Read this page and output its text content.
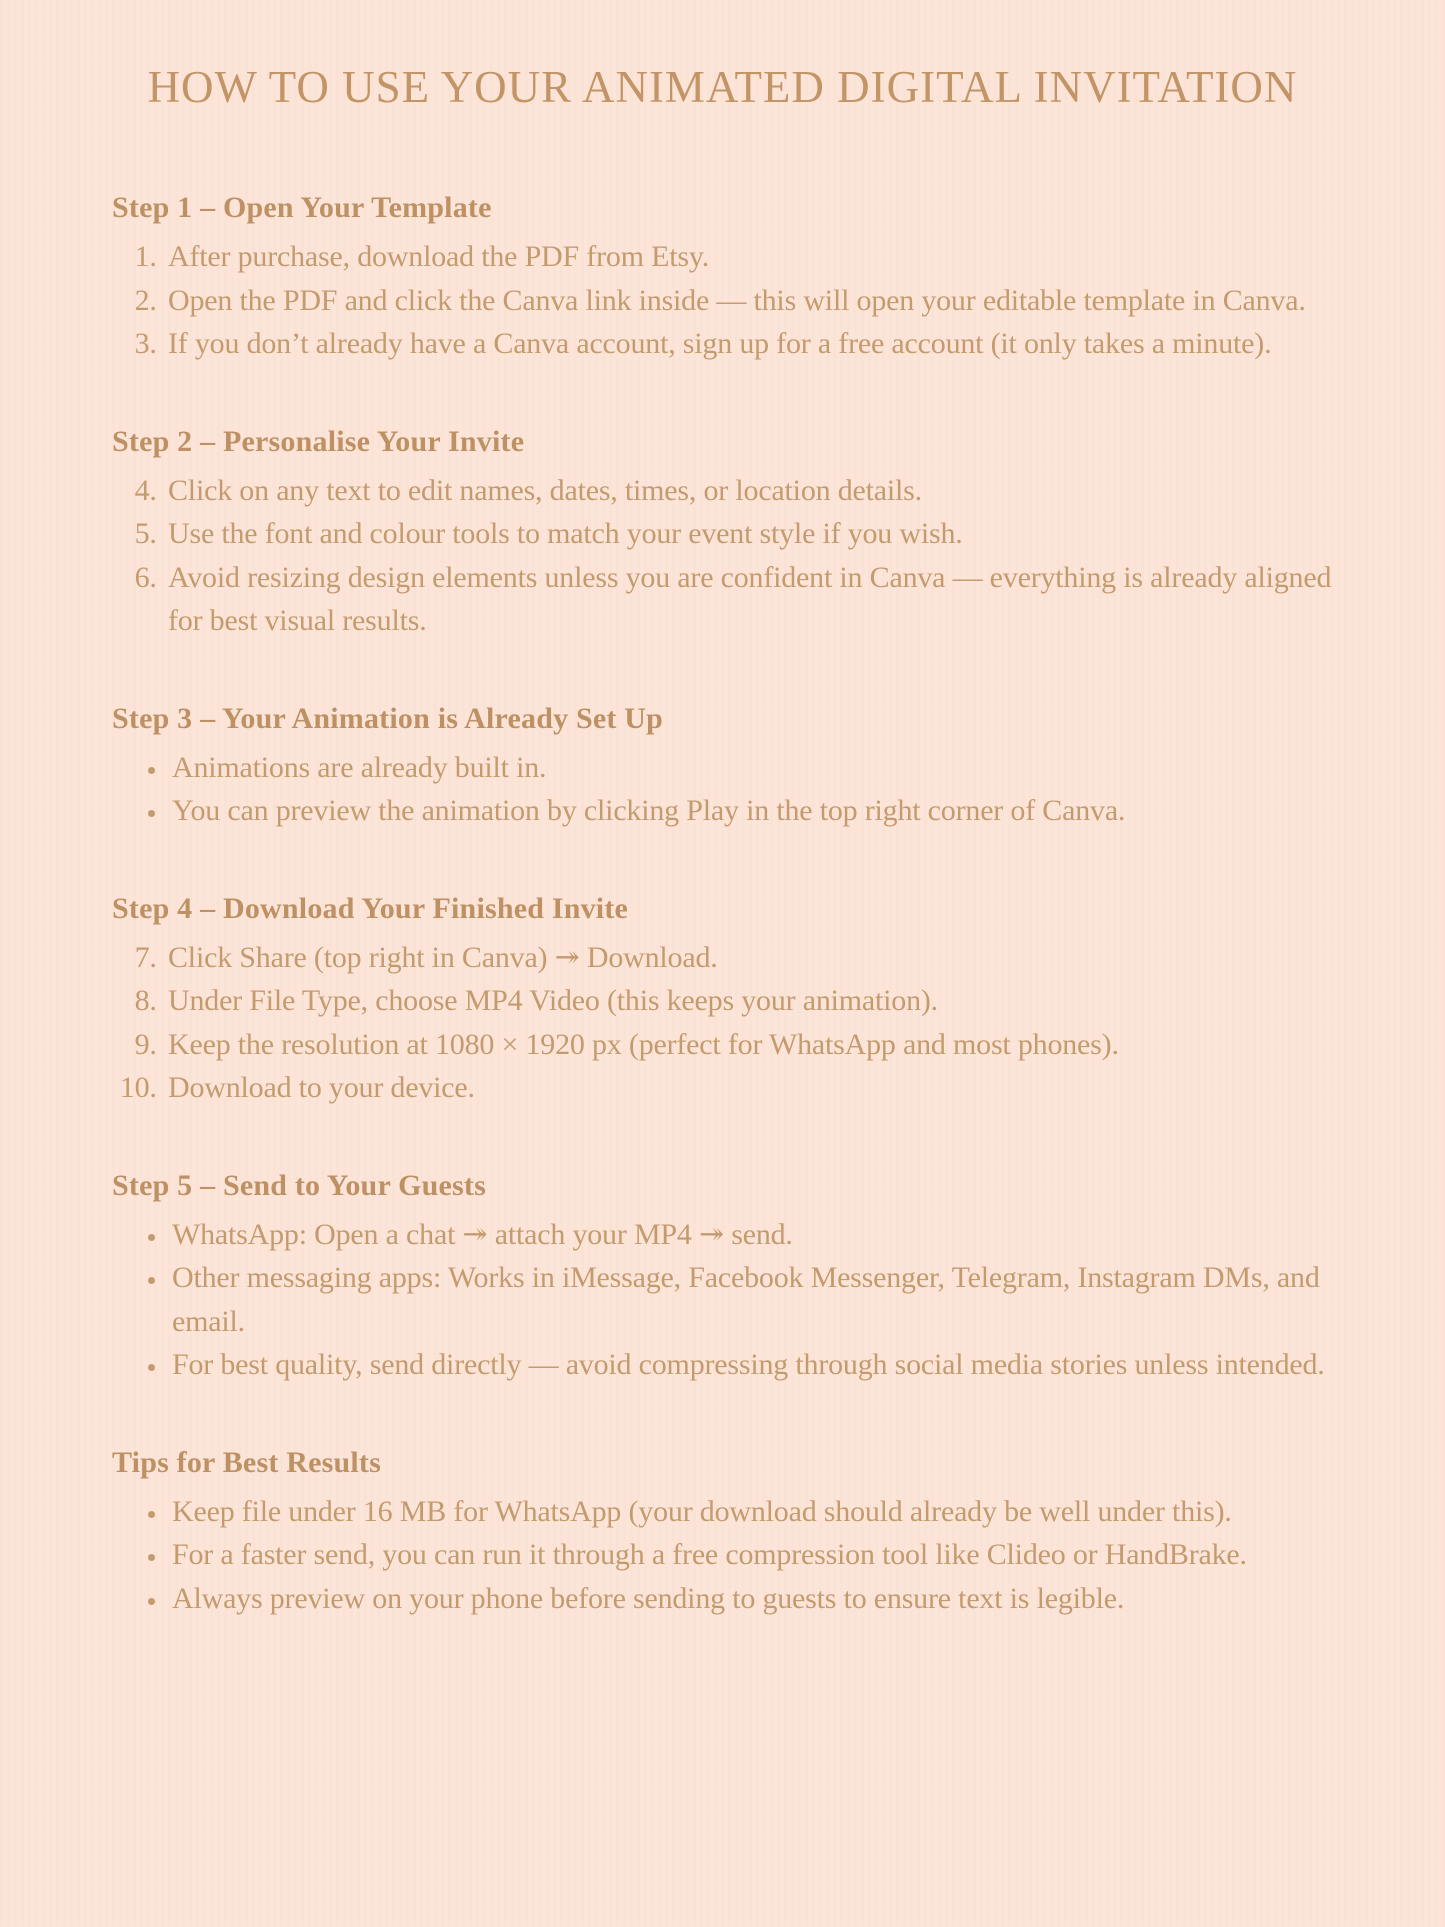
HOW TO USE YOUR ANIMATED DIGITAL INVITATION
Step 1 – Open Your Template
1. After purchase, download the PDF from Etsy.
2. Open the PDF and click the Canva link inside — this will open your editable template in Canva.
3. If you don’t already have a Canva account, sign up for a free account (it only takes a minute).
Step 2 – Personalise Your Invite
4. Click on any text to edit names, dates, times, or location details.
5. Use the font and colour tools to match your event style if you wish.
6. Avoid resizing design elements unless you are confident in Canva — everything is already aligned for best visual results.
Step 3 – Your Animation is Already Set Up
• Animations are already built in.
• You can preview the animation by clicking Play in the top right corner of Canva.
Step 4 – Download Your Finished Invite
7. Click Share (top right in Canva) ↠ Download.
8. Under File Type, choose MP4 Video (this keeps your animation).
9. Keep the resolution at 1080 × 1920 px (perfect for WhatsApp and most phones).
10. Download to your device.
Step 5 – Send to Your Guests
• WhatsApp: Open a chat ↠ attach your MP4 ↠ send.
• Other messaging apps: Works in iMessage, Facebook Messenger, Telegram, Instagram DMs, and email.
• For best quality, send directly — avoid compressing through social media stories unless intended.
Tips for Best Results
• Keep file under 16 MB for WhatsApp (your download should already be well under this).
• For a faster send, you can run it through a free compression tool like Clideo or HandBrake.
• Always preview on your phone before sending to guests to ensure text is legible.
